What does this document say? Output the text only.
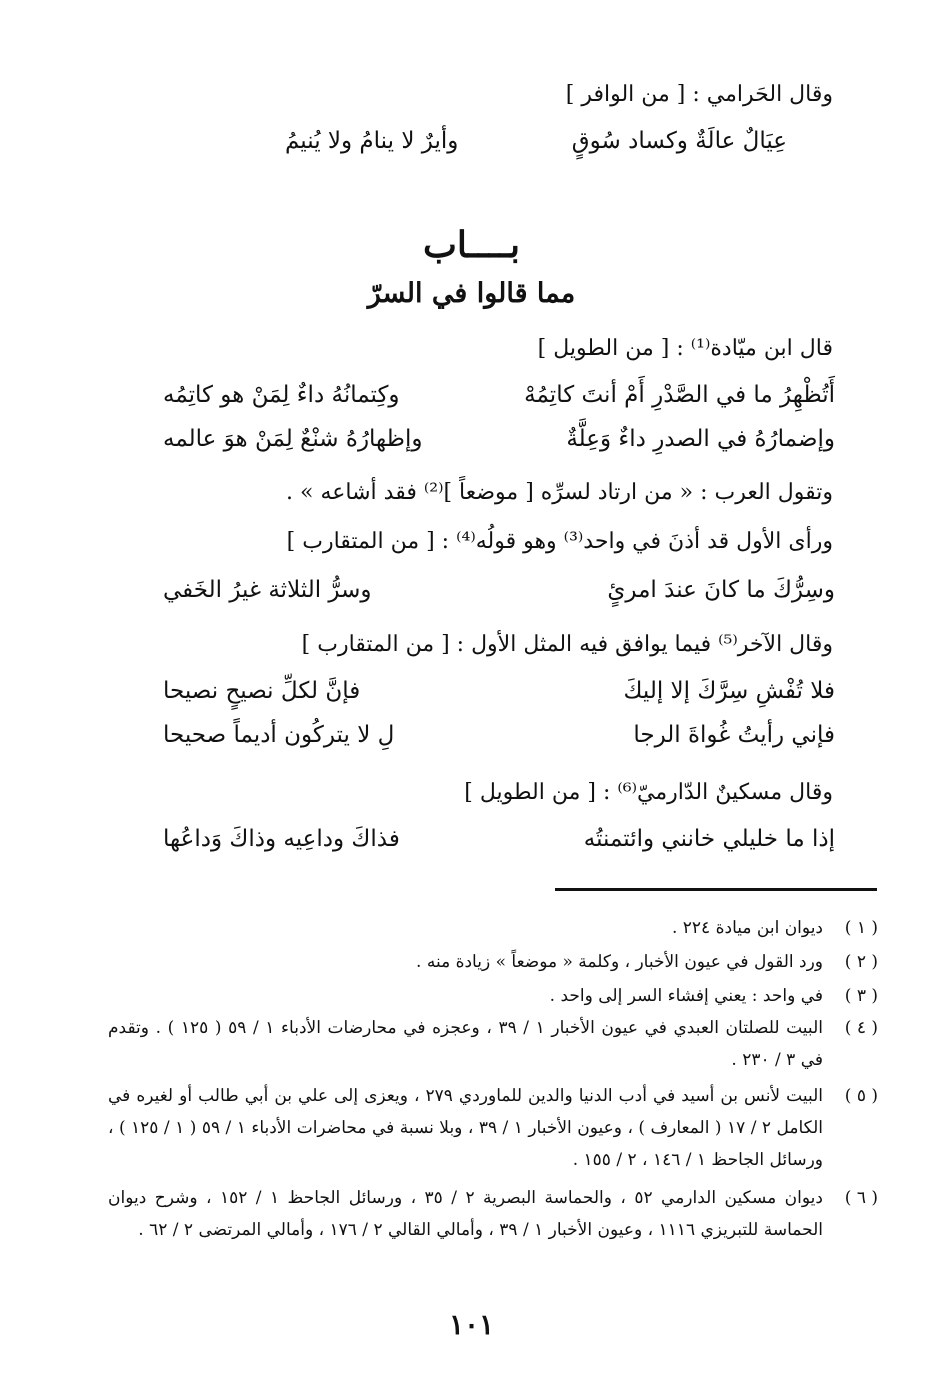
وقال الحَرامي : [ من الوافر ]
عِيَالٌ عالَةٌ وكساد سُوقٍ
وأيرٌ لا ينامُ ولا يُنيمُ
بــــاب
مما قالوا في السرّ
قال ابن ميّادة⁽¹⁾ : [ من الطويل ]
أَتُظْهِرُ ما في الصَّدْرِ أَمْ أنتَ كاتِمُهْ
وكِتمانُهُ داءٌ لِمَنْ هو كاتِمُه
وإضمارُهُ في الصدرِ داءٌ وَعِلَّةٌ
وإظهارُهُ شنْعٌ لِمَنْ هوَ عالمه
وتقول العرب : « من ارتاد لسرِّه [ موضعاً ]⁽²⁾ فقد أشاعه » .
ورأى الأول قد أذنَ في واحد⁽³⁾ وهو قولُه⁽⁴⁾ : [ من المتقارب ]
وسِرُّكَ ما كانَ عندَ امرئٍ
وسرُّ الثلاثة غيرُ الخَفي
وقال الآخر⁽⁵⁾ فيما يوافق فيه المثل الأول : [ من المتقارب ]
فلا تُفْشِ سِرَّكَ إلا إليكَ
فإنَّ لكلِّ نصيحٍ نصيحا
فإني رأيتُ غُواةَ الرجا
لِ لا يتركُون أديماً صحيحا
وقال مسكينٌ الدّارميّ⁽⁶⁾ : [ من الطويل ]
إذا ما خليلي خانني وائتمنتُه
فذاكَ وداعِيه وذاكَ وَداعُها
( ١ )
ديوان ابن ميادة ٢٢٤ .
( ٢ )
ورد القول في عيون الأخبار ، وكلمة « موضعاً » زيادة منه .
( ٣ )
في واحد : يعني إفشاء السر إلى واحد .
( ٤ )
البيت للصلتان العبدي في عيون الأخبار ١ / ٣٩ ، وعجزه في محارضات الأدباء ١ / ٥٩ ( ١٢٥ ) . وتقدم في ٣ / ٢٣٠ .
( ٥ )
البيت لأنس بن أسيد في أدب الدنيا والدين للماوردي ٢٧٩ ، ويعزى إلى علي بن أبي طالب أو لغيره في الكامل ٢ / ١٧ ( المعارف ) ، وعيون الأخبار ١ / ٣٩ ، وبلا نسبة في محاضرات الأدباء ١ / ٥٩ ( ١ / ١٢٥ ) ، ورسائل الجاحظ ١ / ١٤٦ ، ٢ / ١٥٥ .
( ٦ )
ديوان مسكين الدارمي ٥٢ ، والحماسة البصرية ٢ / ٣٥ ، ورسائل الجاحظ ١ / ١٥٢ ، وشرح ديوان الحماسة للتبريزي ١١١٦ ، وعيون الأخبار ١ / ٣٩ ، وأمالي القالي ٢ / ١٧٦ ، وأمالي المرتضى ٢ / ٦٢ .
١٠١
